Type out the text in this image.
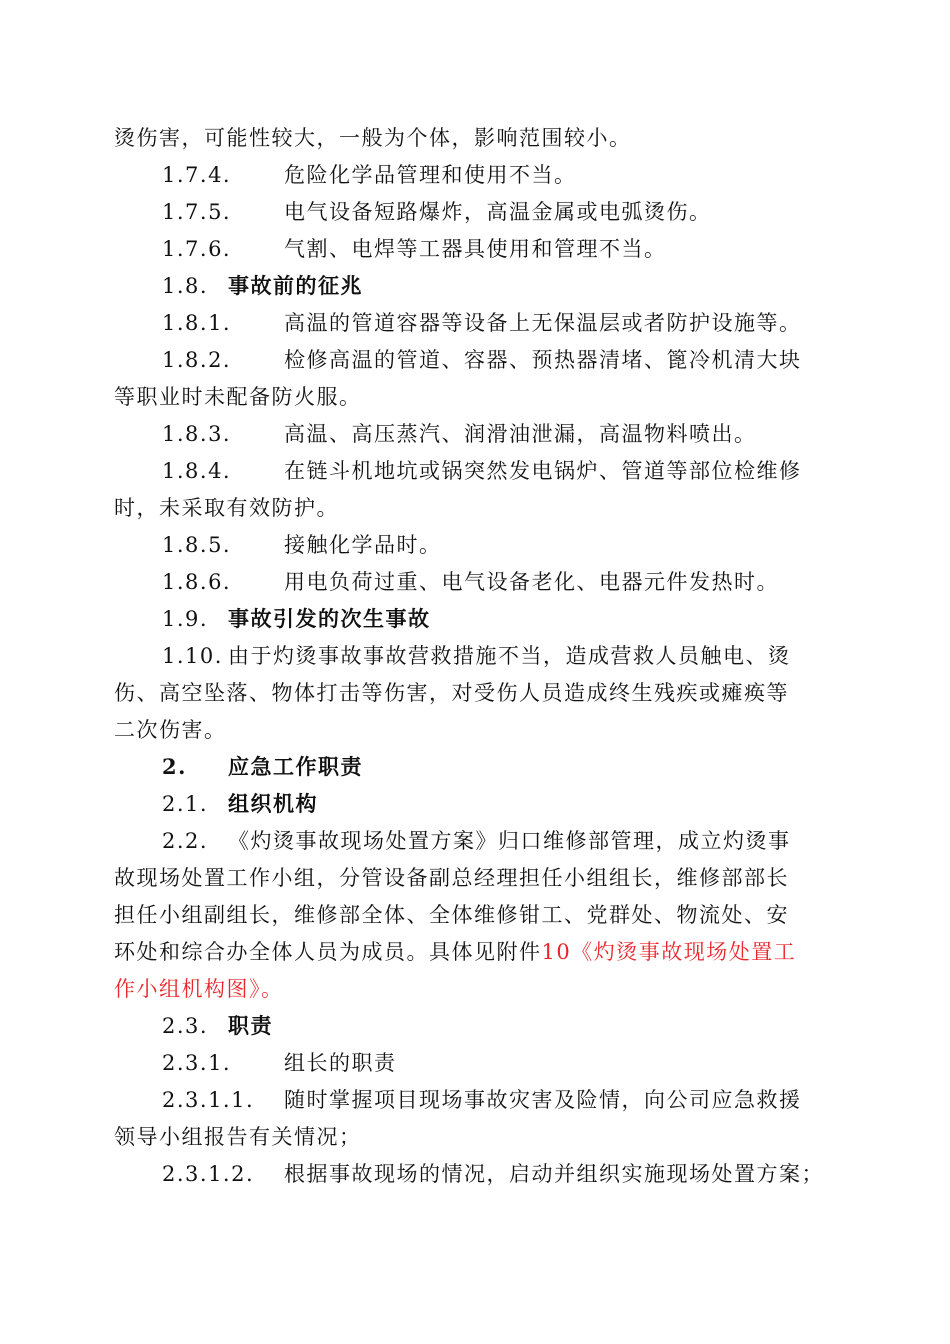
烫伤害，可能性较大，一般为个体，影响范围较小。
1.7.4.	危险化学品管理和使用不当。
1.7.5.	电气设备短路爆炸，高温金属或电弧烫伤。
1.7.6.	气割、电焊等工器具使用和管理不当。
1.8. 事故前的征兆
1.8.1.	高温的管道容器等设备上无保温层或者防护设施等。
1.8.2.	检修高温的管道、容器、预热器清堵、篦冷机清大块
等职业时未配备防火服。
1.8.3.	高温、高压蒸汽、润滑油泄漏，高温物料喷出。
1.8.4.	在链斗机地坑或锅突然发电锅炉、管道等部位检维修
时，未采取有效防护。
1.8.5.	接触化学品时。
1.8.6.	用电负荷过重、电气设备老化、电器元件发热时。
1.9. 事故引发的次生事故
1.10. 由于灼烫事故事故营救措施不当，造成营救人员触电、烫
伤、高空坠落、物体打击等伤害，对受伤人员造成终生残疾或瘫痪等
二次伤害。
2. 应急工作职责
2.1. 组织机构
2.2. 《灼烫事故现场处置方案》归口维修部管理，成立灼烫事
故现场处置工作小组，分管设备副总经理担任小组组长，维修部部长
担任小组副组长，维修部全体、全体维修钳工、党群处、物流处、安
环处和综合办全体人员为成员。具体见附件10《灼烫事故现场处置工
作小组机构图》。
2.3. 职责
2.3.1.	组长的职责
2.3.1.1. 随时掌握项目现场事故灾害及险情，向公司应急救援
领导小组报告有关情况；
2.3.1.2. 根据事故现场的情况，启动并组织实施现场处置方案；
